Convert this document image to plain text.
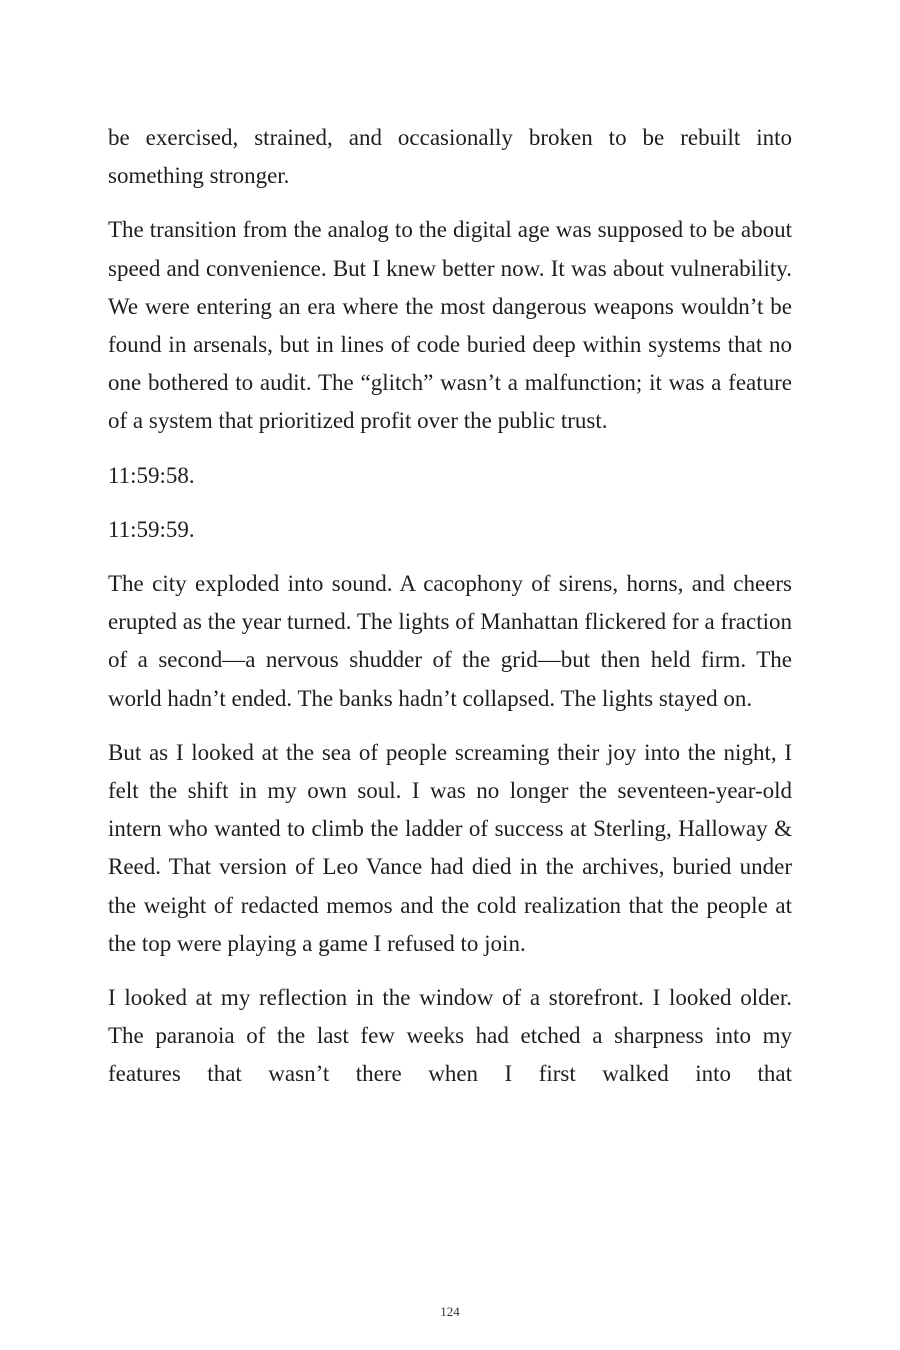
be exercised, strained, and occasionally broken to be rebuilt into something stronger.

The transition from the analog to the digital age was supposed to be about speed and convenience. But I knew better now. It was about vulnerability. We were entering an era where the most dangerous weapons wouldn’t be found in arsenals, but in lines of code buried deep within systems that no one bothered to audit. The “glitch” wasn’t a malfunction; it was a feature of a system that prioritized profit over the public trust.

11:59:58.

11:59:59.

The city exploded into sound. A cacophony of sirens, horns, and cheers erupted as the year turned. The lights of Manhattan flickered for a fraction of a second—a nervous shudder of the grid—but then held firm. The world hadn’t ended. The banks hadn’t collapsed. The lights stayed on.

But as I looked at the sea of people screaming their joy into the night, I felt the shift in my own soul. I was no longer the seventeen-year-old intern who wanted to climb the ladder of success at Sterling, Halloway & Reed. That version of Leo Vance had died in the archives, buried under the weight of redacted memos and the cold realization that the people at the top were playing a game I refused to join.

I looked at my reflection in the window of a storefront. I looked older. The paranoia of the last few weeks had etched a sharpness into my features that wasn’t there when I first walked into that

124
